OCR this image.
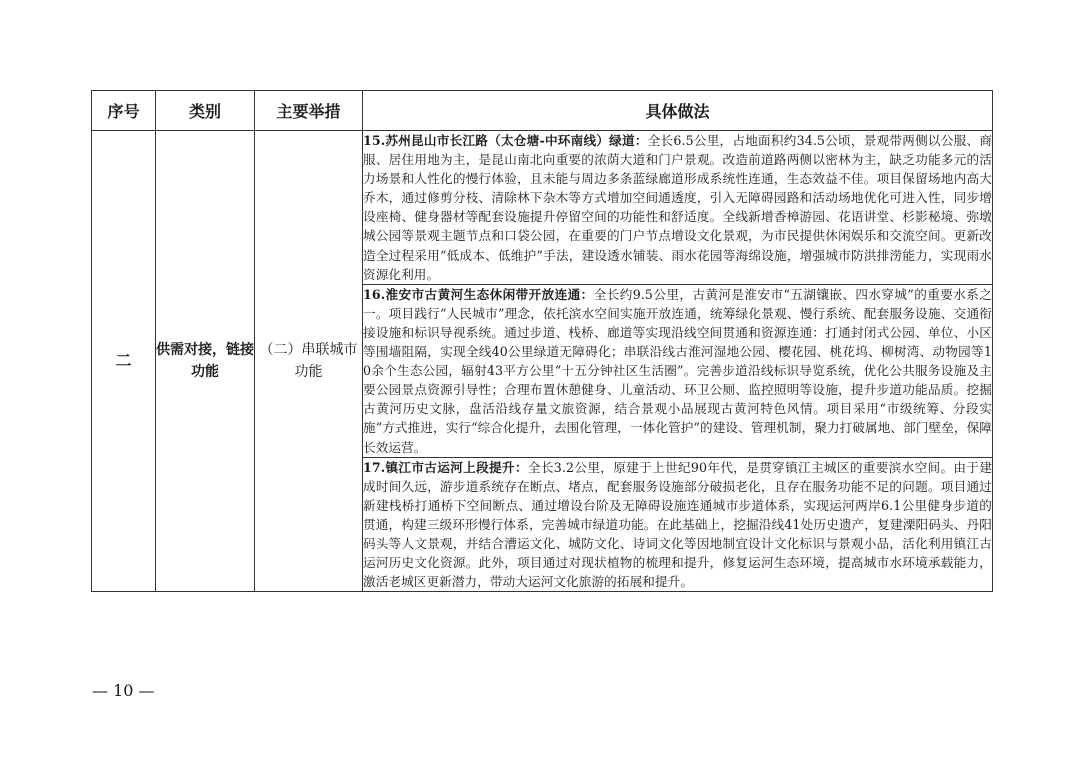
序号	类别	主要举措	具体做法
二	供需对接，链接功能	（二）串联城市功能	15.苏州昆山市长江路（太仓塘-中环南线）绿道：全长6.5公里，占地面积约34.5公顷，景观带两侧以公服、商服、居住用地为主，是昆山南北向重要的浓荫大道和门户景观。改造前道路两侧以密林为主，缺乏功能多元的活力场景和人性化的慢行体验，且未能与周边多条蓝绿廊道形成系统性连通，生态效益不佳。项目保留场地内高大乔木，通过修剪分枝、清除林下杂木等方式增加空间通透度，引入无障碍园路和活动场地优化可进入性，同步增设座椅、健身器材等配套设施提升停留空间的功能性和舒适度。全线新增香樟游园、花语讲堂、杉影秘境、弥墩城公园等景观主题节点和口袋公园，在重要的门户节点增设文化景观，为市民提供休闲娱乐和交流空间。更新改造全过程采用“低成本、低维护”手法，建设透水铺装、雨水花园等海绵设施，增强城市防洪排涝能力，实现雨水资源化利用。
			16.淮安市古黄河生态休闲带开放连通：全长约9.5公里，古黄河是淮安市“五湖镶嵌、四水穿城”的重要水系之一。项目践行“人民城市”理念，依托滨水空间实施开放连通，统筹绿化景观、慢行系统、配套服务设施、交通衔接设施和标识导视系统。通过步道、栈桥、廊道等实现沿线空间贯通和资源连通：打通封闭式公园、单位、小区等围墙阻隔，实现全线40公里绿道无障碍化；串联沿线古淮河湿地公园、樱花园、桃花坞、柳树湾、动物园等10余个生态公园，辐射43平方公里“十五分钟社区生活圈”。完善步道沿线标识导览系统，优化公共服务设施及主要公园景点资源引导性；合理布置休憩健身、儿童活动、环卫公厕、监控照明等设施，提升步道功能品质。挖掘古黄河历史文脉，盘活沿线存量文旅资源，结合景观小品展现古黄河特色风情。项目采用“市级统筹、分段实施”方式推进，实行“综合化提升，去围化管理，一体化管护”的建设、管理机制，聚力打破属地、部门壁垒，保障长效运营。
			17.镇江市古运河上段提升：全长3.2公里，原建于上世纪90年代，是贯穿镇江主城区的重要滨水空间。由于建成时间久远，游步道系统存在断点、堵点，配套服务设施部分破损老化，且存在服务功能不足的问题。项目通过新建栈桥打通桥下空间断点、通过增设台阶及无障碍设施连通城市步道体系，实现运河两岸6.1公里健身步道的贯通，构建三级环形慢行体系，完善城市绿道功能。在此基础上，挖掘沿线41处历史遗产，复建溧阳码头、丹阳码头等人文景观，并结合漕运文化、城防文化、诗词文化等因地制宜设计文化标识与景观小品，活化利用镇江古运河历史文化资源。此外，项目通过对现状植物的梳理和提升，修复运河生态环境，提高城市水环境承载能力，激活老城区更新潜力，带动大运河文化旅游的拓展和提升。
— 10 —
